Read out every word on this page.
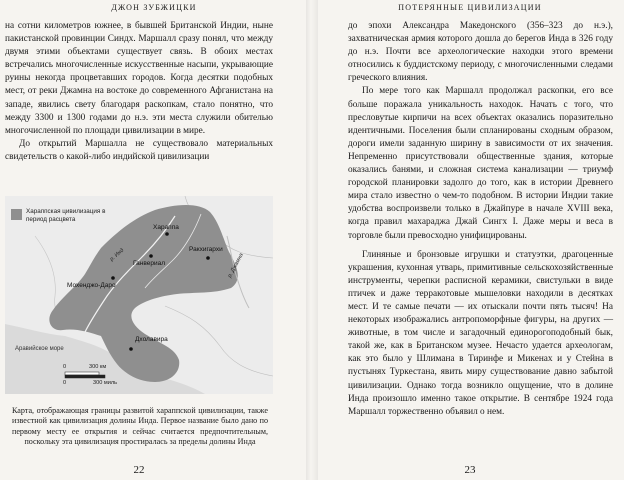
ДЖОН ЗУБЖИЦКИ

на сотни километров южнее, в бывшей Британской Индии, ныне пакистанской провинции Синдх. Маршалл сразу понял, что между двумя этими объектами существует связь. В обоих местах встречались многочисленные искусственные насыпи, укрывающие руины некогда процветавших городов. Когда десятки подобных мест, от реки Джамна на востоке до современного Афганистана на западе, явились свету благодаря раскопкам, стало понятно, что между 3300 и 1300 годами до н.э. эти места служили обителью многочисленной по площади цивилизации в мире.

До открытий Маршалла не существовало материальных свидетельств о какой-либо индийской цивилизации

Хараппская цивилизация в период расцвета
Хараппа
Ракхигархи
Ганвериал
Мохенджо-Даро
Дхолавира
р. Инд	р. Джамна
Аравийское море
0	300 км
0	300 миль
Карта, отображающая границы развитой хараппской цивилизации, также известной как цивилизация долины Инда. Первое название было дано по первому месту ее открытия и сейчас считается предпочтительным, поскольку эта цивилизация простиралась за пределы долины Инда
22
ПОТЕРЯННЫЕ ЦИВИЛИЗАЦИИ

до эпохи Александра Македонского (356–323 до н.э.), захватническая армия которого дошла до берегов Инда в 326 году до н.э. Почти все археологические находки этого времени относились к буддистскому периоду, с многочисленными следами греческого влияния.

По мере того как Маршалл продолжал раскопки, его все больше поражала уникальность находок. Начать с того, что пресловутые кирпичи на всех объектах оказались поразительно идентичными. Поселения были спланированы сходным образом, дороги имели заданную ширину в зависимости от их значения. Непременно присутствовали общественные здания, которые оказались банями, и сложная система канализации — триумф городской планировки задолго до того, как в истории Древнего мира стало известно о чем-то подобном. В истории Индии такие удобства воспроизвели только в Джайпуре в начале XVIII века, когда правил махараджа Джай Сингх I. Даже меры и веса в торговле были превосходно унифицированы.

Глиняные и бронзовые игрушки и статуэтки, драгоценные украшения, кухонная утварь, примитивные сельскохозяйственные инструменты, черепки расписной керамики, свистульки в виде птичек и даже терракотовые мышеловки находили в десятках мест. И те самые печати — их отыскали почти пять тысяч! На некоторых изображались антропоморфные фигуры, на других — животные, в том числе и загадочный единорогоподобный бык, такой же, как в Британском музее. Нечасто удается археологам, как это было у Шлимана в Тиринфе и Микенах и у Стейна в пустынях Туркестана, явить миру существование давно забытой цивилизации. Однако тогда возникло ощущение, что в долине Инда произошло именно такое открытие. В сентябре 1924 года Маршалл торжественно объявил о нем.

23
